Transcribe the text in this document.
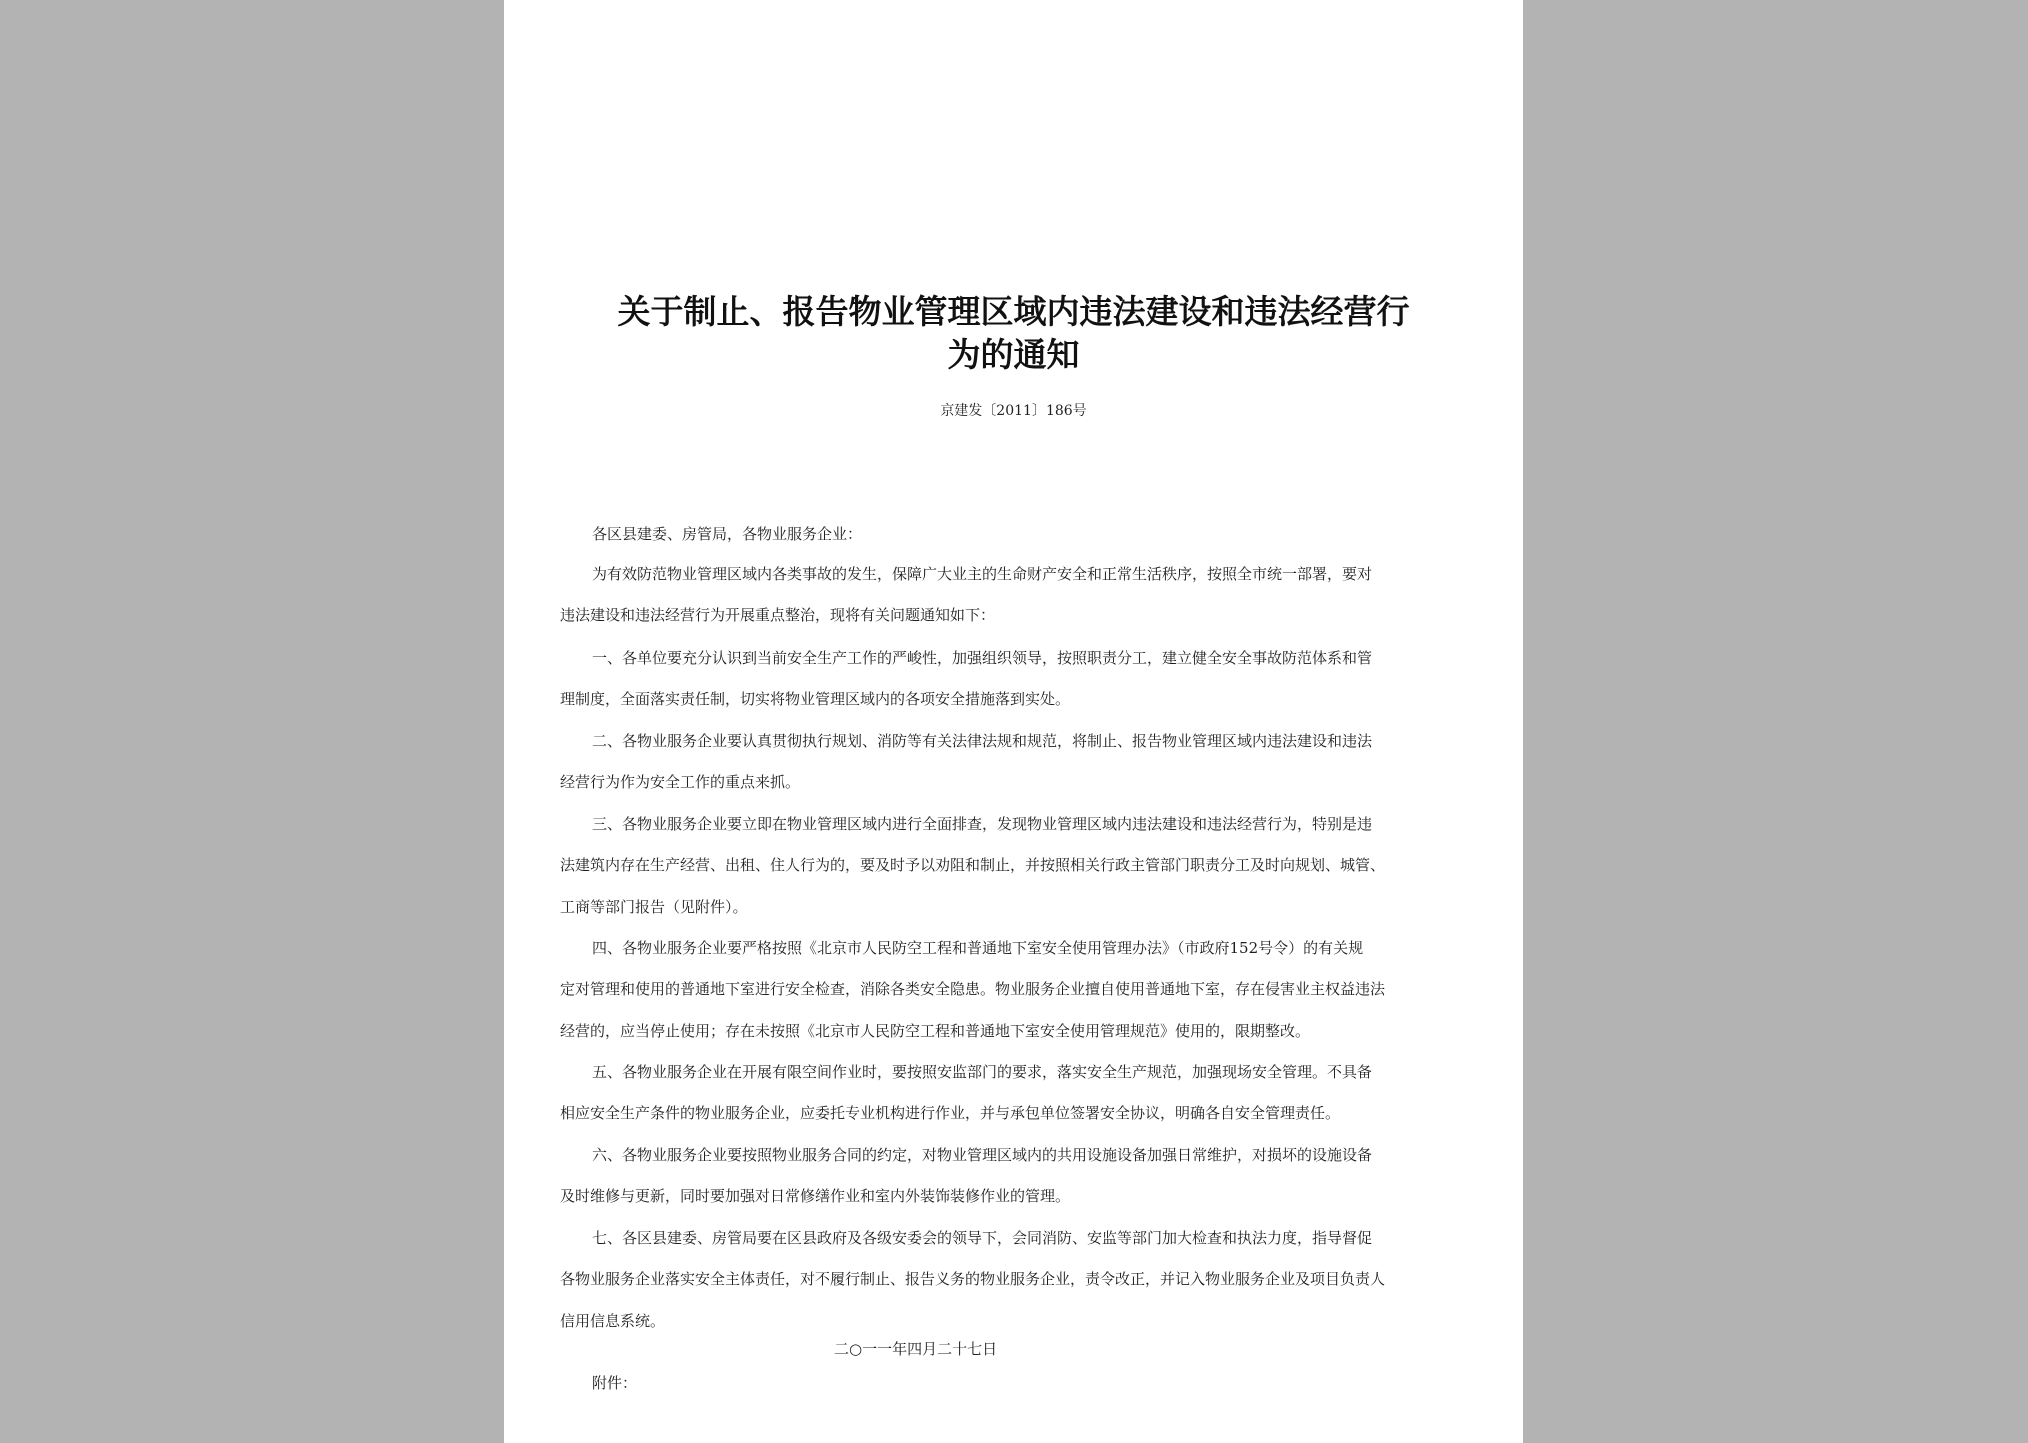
关于制止、报告物业管理区域内违法建设和违法经营行
为的通知
京建发〔2011〕186号
各区县建委、房管局，各物业服务企业：
为有效防范物业管理区域内各类事故的发生，保障广大业主的生命财产安全和正常生活秩序，按照全市统一部署，要对
违法建设和违法经营行为开展重点整治，现将有关问题通知如下：
一、各单位要充分认识到当前安全生产工作的严峻性，加强组织领导，按照职责分工，建立健全安全事故防范体系和管
理制度，全面落实责任制，切实将物业管理区域内的各项安全措施落到实处。
二、各物业服务企业要认真贯彻执行规划、消防等有关法律法规和规范，将制止、报告物业管理区域内违法建设和违法
经营行为作为安全工作的重点来抓。
三、各物业服务企业要立即在物业管理区域内进行全面排查，发现物业管理区域内违法建设和违法经营行为，特别是违
法建筑内存在生产经营、出租、住人行为的，要及时予以劝阻和制止，并按照相关行政主管部门职责分工及时向规划、城管、
工商等部门报告（见附件）。
四、各物业服务企业要严格按照《北京市人民防空工程和普通地下室安全使用管理办法》（市政府152号令）的有关规
定对管理和使用的普通地下室进行安全检查，消除各类安全隐患。物业服务企业擅自使用普通地下室，存在侵害业主权益违法
经营的，应当停止使用；存在未按照《北京市人民防空工程和普通地下室安全使用管理规范》使用的，限期整改。
五、各物业服务企业在开展有限空间作业时，要按照安监部门的要求，落实安全生产规范，加强现场安全管理。不具备
相应安全生产条件的物业服务企业，应委托专业机构进行作业，并与承包单位签署安全协议，明确各自安全管理责任。
六、各物业服务企业要按照物业服务合同的约定，对物业管理区域内的共用设施设备加强日常维护，对损坏的设施设备
及时维修与更新，同时要加强对日常修缮作业和室内外装饰装修作业的管理。
七、各区县建委、房管局要在区县政府及各级安委会的领导下，会同消防、安监等部门加大检查和执法力度，指导督促
各物业服务企业落实安全主体责任，对不履行制止、报告义务的物业服务企业，责令改正，并记入物业服务企业及项目负责人
信用信息系统。
二○一一年四月二十七日
附件：
